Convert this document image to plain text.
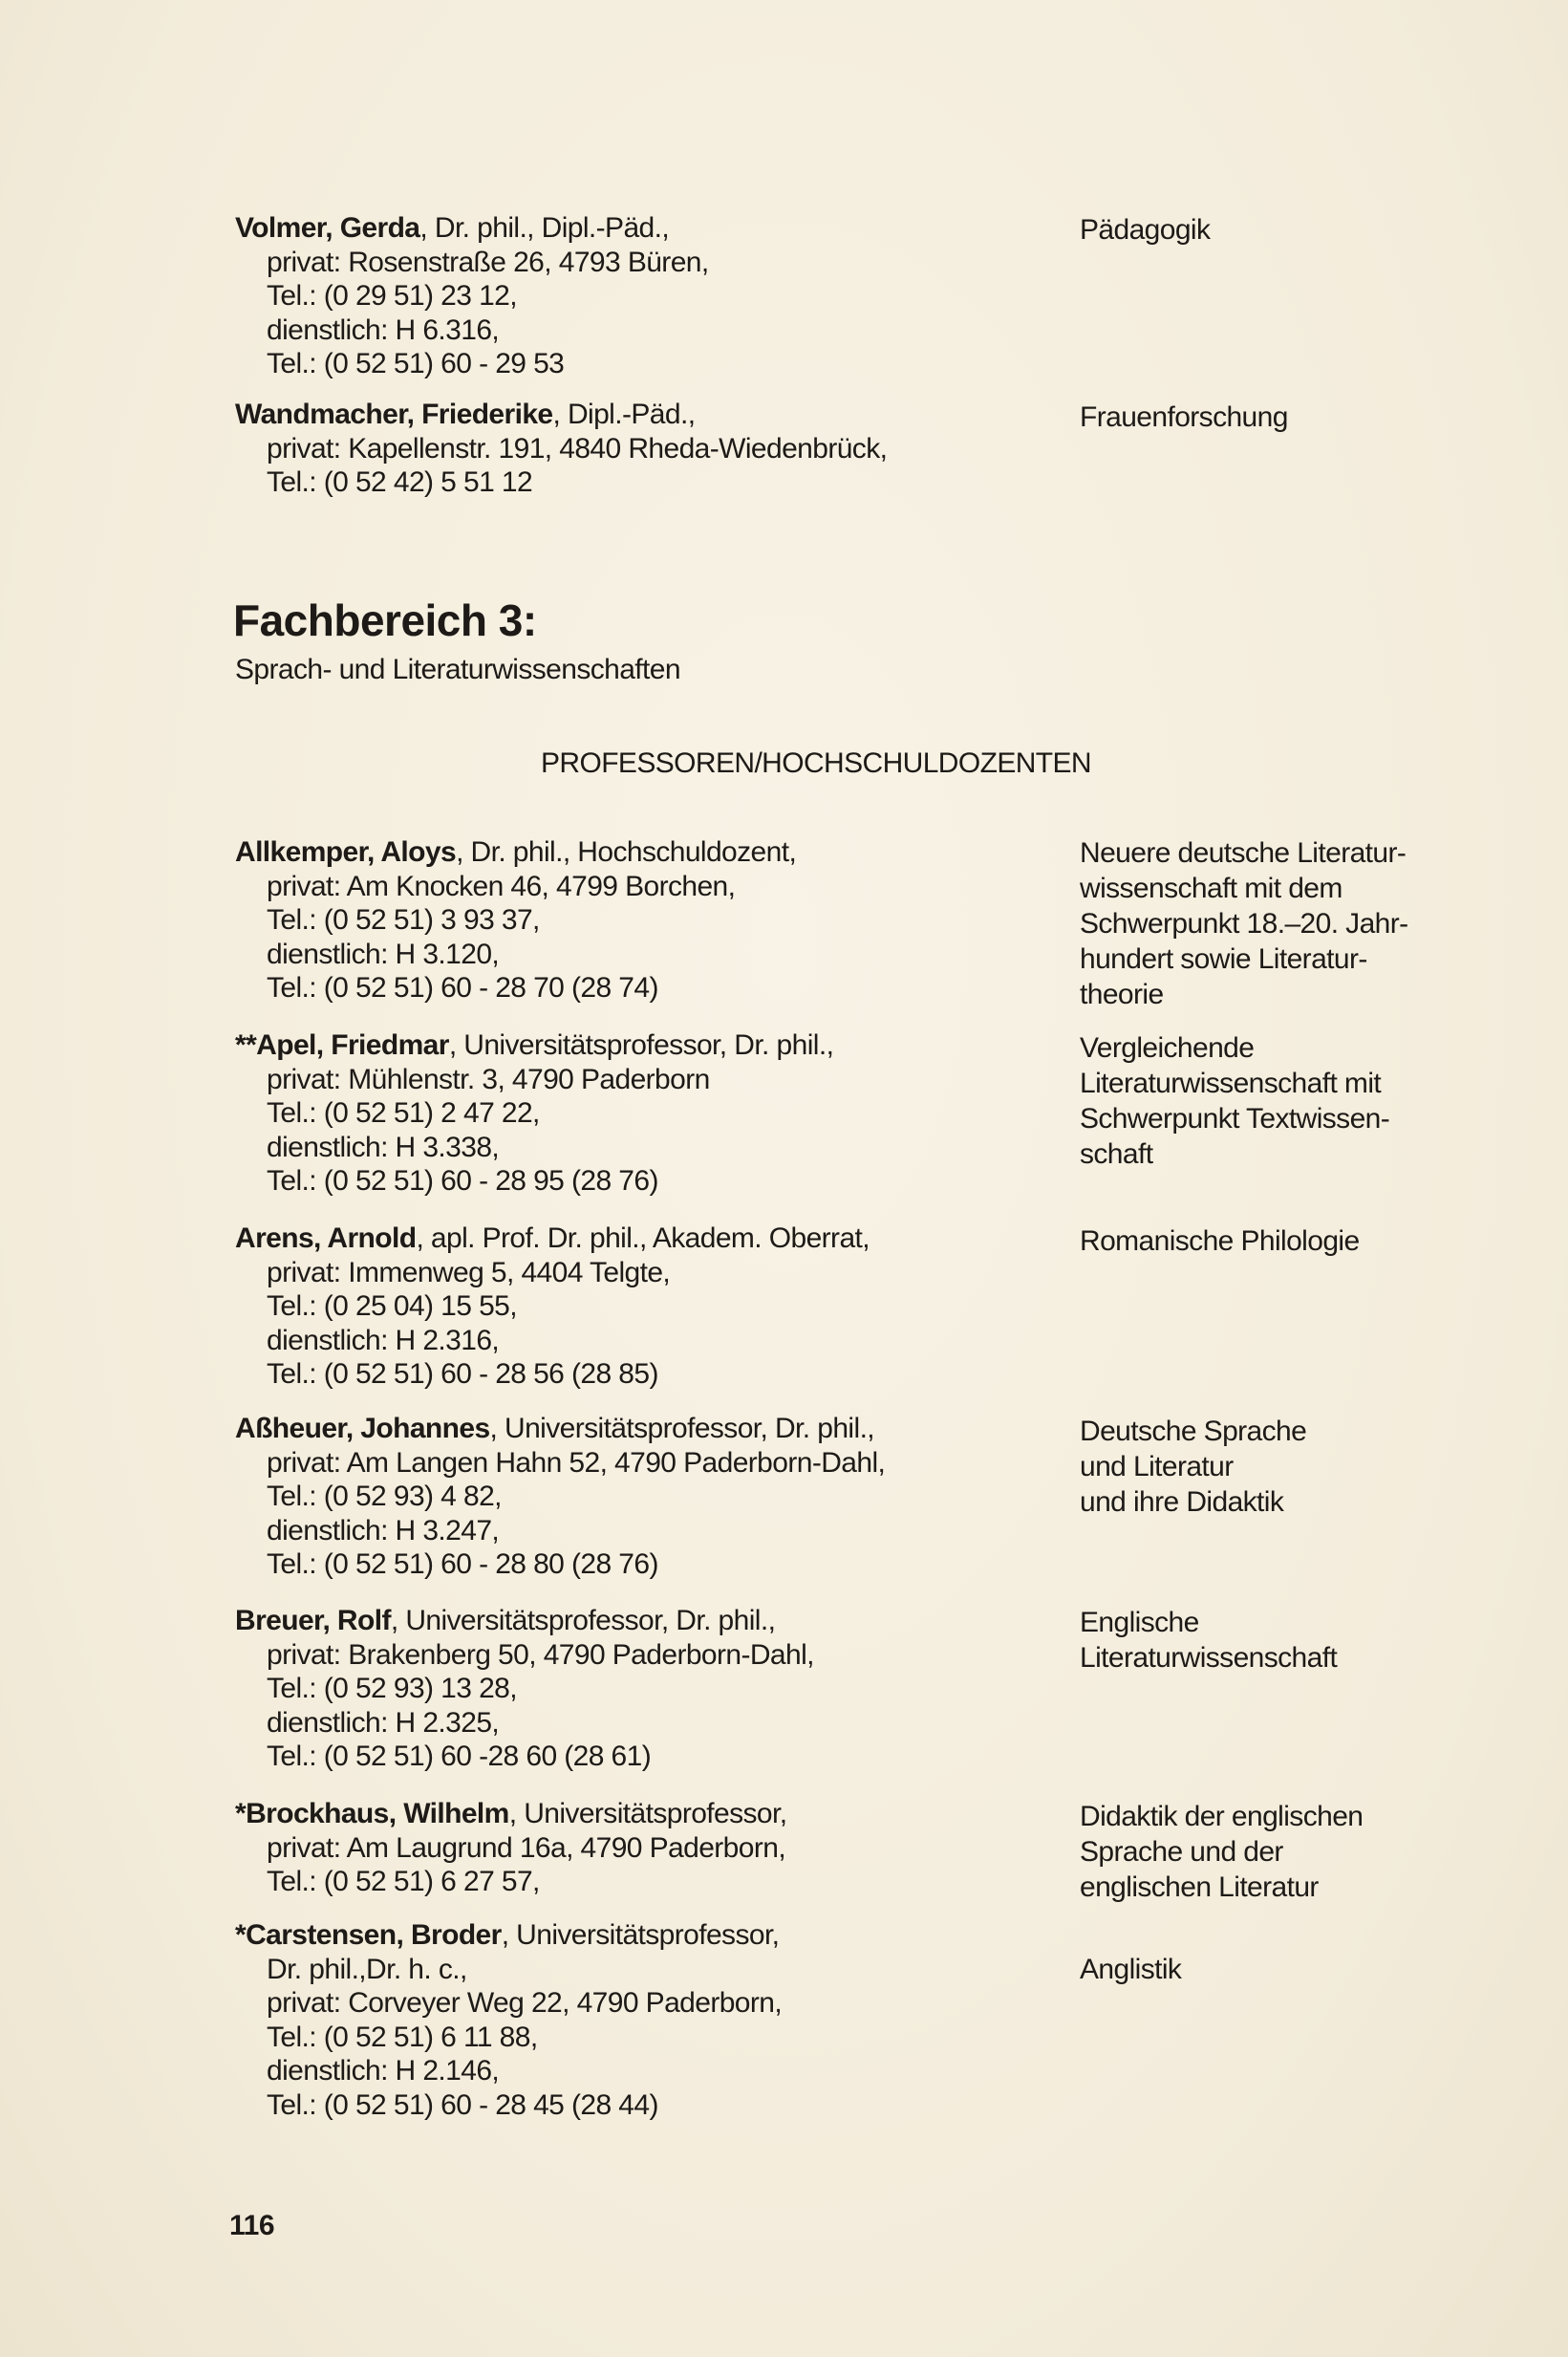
Volmer, Gerda, Dr. phil., Dipl.-Päd.,
privat: Rosenstraße 26, 4793 Büren,
Tel.: (0 29 51) 23 12,
dienstlich: H 6.316,
Tel.: (0 52 51) 60 - 29 53
Pädagogik
Wandmacher, Friederike, Dipl.-Päd.,
privat: Kapellenstr. 191, 4840 Rheda-Wiedenbrück,
Tel.: (0 52 42) 5 51 12
Frauenforschung
Fachbereich 3:
Sprach- und Literaturwissenschaften
PROFESSOREN/HOCHSCHULDOZENTEN
Allkemper, Aloys, Dr. phil., Hochschuldozent,
privat: Am Knocken 46, 4799 Borchen,
Tel.: (0 52 51) 3 93 37,
dienstlich: H 3.120,
Tel.: (0 52 51) 60 - 28 70 (28 74)
Neuere deutsche Literatur-
wissenschaft mit dem
Schwerpunkt 18.–20. Jahr-
hundert sowie Literatur-
theorie
**Apel, Friedmar, Universitätsprofessor, Dr. phil.,
privat: Mühlenstr. 3, 4790 Paderborn
Tel.: (0 52 51) 2 47 22,
dienstlich: H 3.338,
Tel.: (0 52 51) 60 - 28 95 (28 76)
Vergleichende
Literaturwissenschaft mit
Schwerpunkt Textwissen-
schaft
Arens, Arnold, apl. Prof. Dr. phil., Akadem. Oberrat,
privat: Immenweg 5, 4404 Telgte,
Tel.: (0 25 04) 15 55,
dienstlich: H 2.316,
Tel.: (0 52 51) 60 - 28 56 (28 85)
Romanische Philologie
Aßheuer, Johannes, Universitätsprofessor, Dr. phil.,
privat: Am Langen Hahn 52, 4790 Paderborn-Dahl,
Tel.: (0 52 93) 4 82,
dienstlich: H 3.247,
Tel.: (0 52 51) 60 - 28 80 (28 76)
Deutsche Sprache
und Literatur
und ihre Didaktik
Breuer, Rolf, Universitätsprofessor, Dr. phil.,
privat: Brakenberg 50, 4790 Paderborn-Dahl,
Tel.: (0 52 93) 13 28,
dienstlich: H 2.325,
Tel.: (0 52 51) 60 -28 60 (28 61)
Englische
Literaturwissenschaft
*Brockhaus, Wilhelm, Universitätsprofessor,
privat: Am Laugrund 16a, 4790 Paderborn,
Tel.: (0 52 51) 6 27 57,
Didaktik der englischen
Sprache und der
englischen Literatur
*Carstensen, Broder, Universitätsprofessor,
Dr. phil.,Dr. h. c.,
privat: Corveyer Weg 22, 4790 Paderborn,
Tel.: (0 52 51) 6 11 88,
dienstlich: H 2.146,
Tel.: (0 52 51) 60 - 28 45 (28 44)
Anglistik
116
